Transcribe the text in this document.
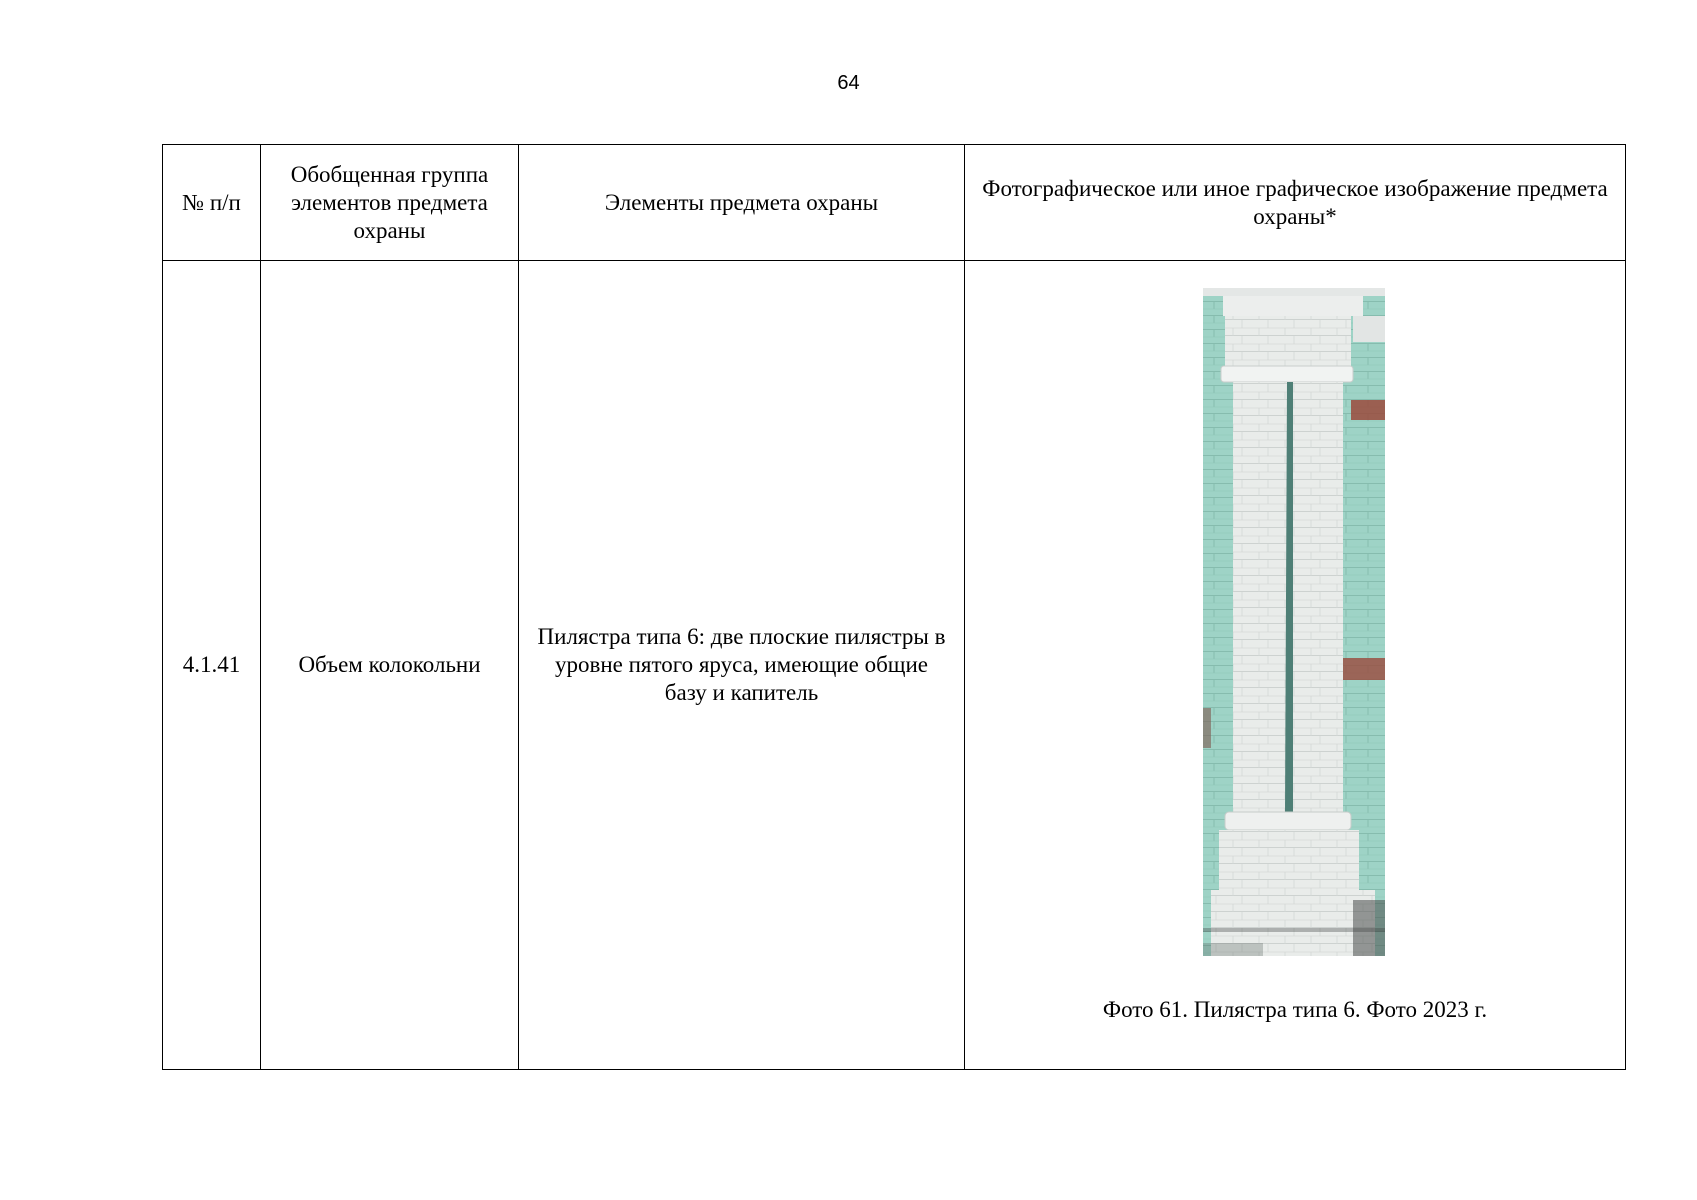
64
№ п/п	Обобщенная группа элементов предмета охраны	Элементы предмета охраны	Фотографическое или иное графическое изображение предмета охраны*
4.1.41	Объем колокольни	Пилястра типа 6: две плоские пилястры в уровне пятого яруса, имеющие общие базу и капитель	Фото 61. Пилястра типа 6. Фото 2023 г.
